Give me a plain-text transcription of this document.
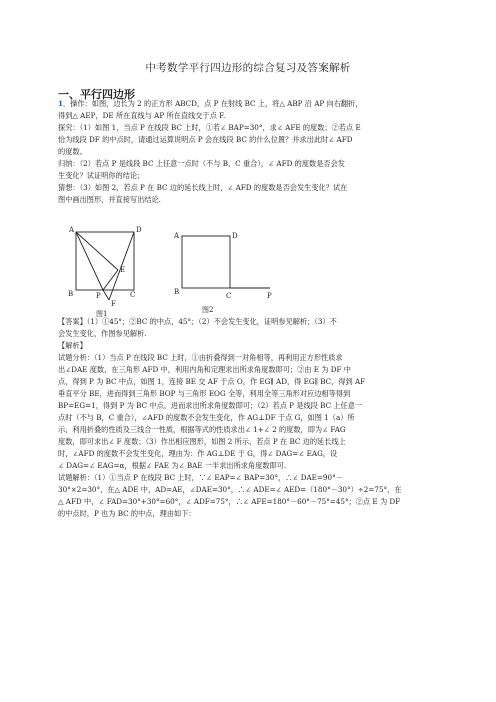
中考数学平行四边形的综合复习及答案解析
一、平行四边形
1．操作：如图，边长为 2 的正方形 ABCD，点 P 在射线 BC 上，将△ ABP 沿 AP 向右翻折，
得到△ AEP，DE 所在直线与 AP 所在直线交于点 F.
探究：（1）如图 1，当点 P 在线段 BC 上时，①若∠ BAP=30°，求∠ AFE 的度数；②若点 E
恰为线段 DF 的中点时，请通过运算说明点 P 会在线段 BC 的什么位置？并求出此时∠ AFD
的度数。
归纳：（2）若点 P 是线段 BC 上任意一点时（不与 B、C 重合），∠ AFD 的度数是否会发
生变化？试证明你的结论；
猜想：（3）如图 2，若点 P 在 BC 边的延长线上时，∠ AFD 的度数是否会发生变化？试在
图中画出图形，并直接写出结论.
A	D
E
B	P	C
F
图1
A	D
B	C	P
图2
【答案】（1）①45°；②BC 的中点，45°；（2）不会发生变化，证明参见解析；（3）不
会发生变化，作图参见解析.
【解析】
试题分析：（1）当点 P 在线段 BC 上时，①由折叠得到一对角相等，再利用正方形性质求
出∠DAE 度数，在三角形 AFD 中，利用内角和定理求出所求角度数即可；②由 E 为 DF 中
点，得到 P 为 BC 中点，如图 1，连接 BE 交 AF 于点 O，作 EG∥ AD，得 EG∥ BC，得到 AF
垂直平分 BE，进而得到三角形 BOP 与三角形 EOG 全等，利用全等三角形对应边相等得到
BP=EG=1，得到 P 为 BC 中点，进而求出所求角度数即可；（2）若点 P 是线段 BC 上任意一
点时（不与 B，C 重合），∠AFD 的度数不会发生变化，作 AG⊥DF 于点 G，如图 1（a）所
示，利用折叠的性质及三线合一性质，根据等式的性质求出∠ 1+∠ 2 的度数，即为∠ FAG
度数，即可求出∠ F 度数；（3）作出相应图形，如图 2 所示，若点 P 在 BC 边的延长线上
时，∠AFD 的度数不会发生变化，理由为：作 AG⊥DE 于 G，得∠ DAG=∠ EAG，设
∠ DAG=∠ EAG=α，根据∠ FAE 为∠ BAE 一半求出所求角度数即可.
试题解析：（1）①当点 P 在线段 BC 上时，∵∠ EAP=∠ BAP=30°，∴∠ DAE=90°－
30°×2=30°，在△ ADE 中，AD=AE，∠DAE=30°，∴∠ ADE=∠ AED=（180°－30°）÷2=75°，在
△ AFD 中，∠ FAD=30°+30°=60°，∠ ADF=75°，∴∠ AFE=180°－60°－75°=45°；②点 E 为 DF
的中点时，P 也为 BC 的中点，理由如下：
